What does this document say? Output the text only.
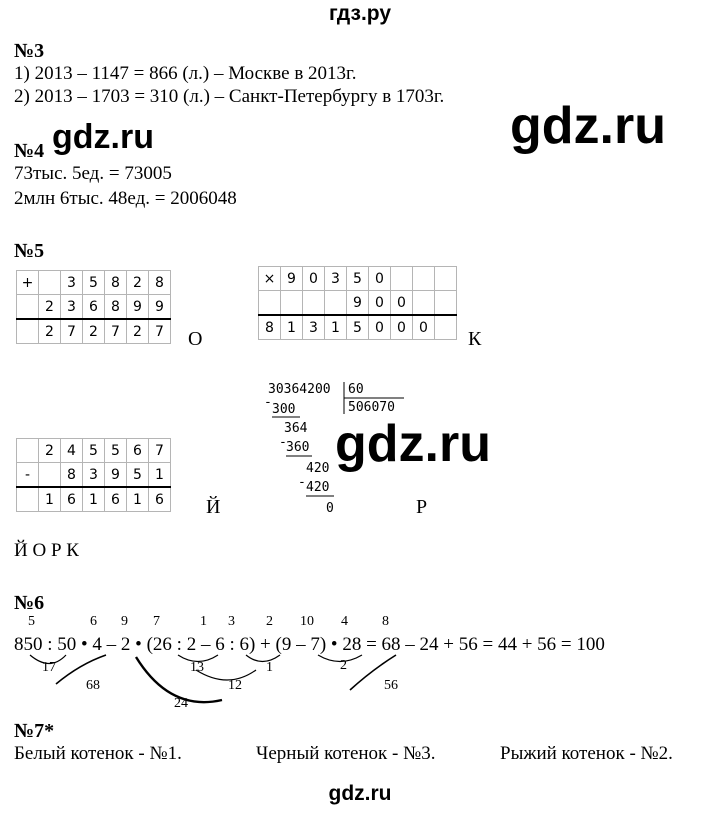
гдз.ру
gdz.ru
gdz.ru
gdz.ru
№3
1) 2013 – 1147 = 866 (л.) – Москве в 2013г.
2) 2013 – 1703 = 310 (л.) – Санкт-Петербургу в 1703г.
№4
73тыс. 5ед. = 73005
2млн 6тыс. 48ед. = 2006048
№5
+		3	5	8	2	8
	2	3	6	8	9	9
	2	7	2	7	2	7 О
×	9	0	3	5	0			
				9	0	0		
8	1	3	1	5	0	0	0	
К
30364200 60
506070
- 300
364
- 360
420
- 420
0	Р
	2	4	5	5	6	7
-		8	3	9	5	1
	1	6	1	6	1	6 Й
Й О Р К
№6
5	6 9 7	1 3 2 10 4 8
850 : 50 • 4 – 2 • (26 : 2 – 6 : 6) + (9 – 7) • 28 = 68 – 24 + 56 = 44 + 56 = 100
17
68
24
13	1
12
2
56
№7*
Белый котенок - №1.	Черный котенок - №3.	Рыжий котенок - №2.
gdz.ru
